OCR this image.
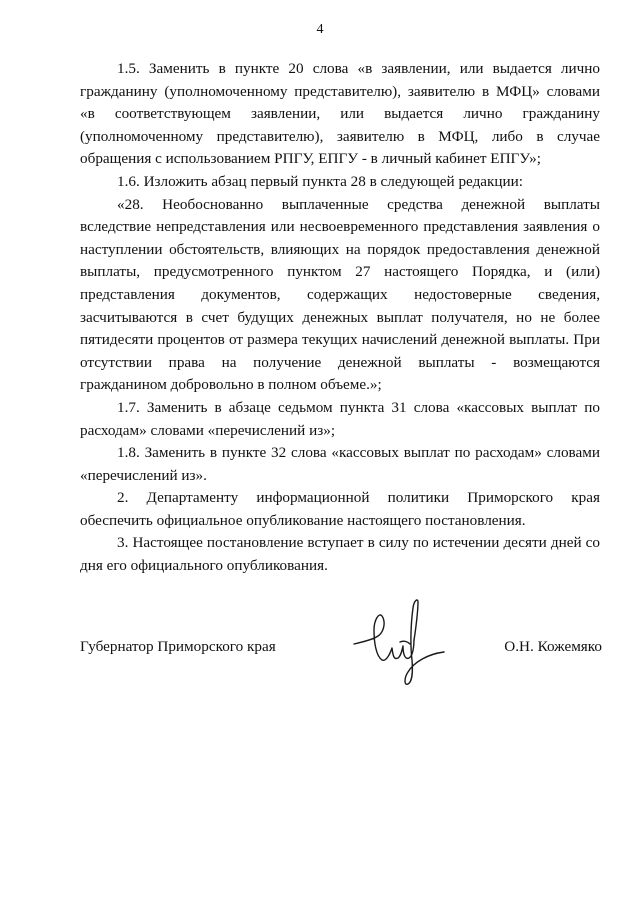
4

1.5. Заменить в пункте 20 слова «в заявлении, или выдается лично гражданину (уполномоченному представителю), заявителю в МФЦ» словами «в соответствующем заявлении, или выдается лично гражданину (уполномоченному представителю), заявителю в МФЦ, либо в случае обращения с использованием РПГУ, ЕПГУ - в личный кабинет ЕПГУ»;

1.6. Изложить абзац первый пункта 28 в следующей редакции:

«28. Необоснованно выплаченные средства денежной выплаты вследствие непредставления или несвоевременного представления заявления о наступлении обстоятельств, влияющих на порядок предоставления денежной выплаты, предусмотренного пунктом 27 настоящего Порядка, и (или) представления документов, содержащих недостоверные сведения, засчитываются в счет будущих денежных выплат получателя, но не более пятидесяти процентов от размера текущих начислений денежной выплаты. При отсутствии права на получение денежной выплаты - возмещаются гражданином добровольно в полном объеме.»;

1.7. Заменить в абзаце седьмом пункта 31 слова «кассовых выплат по расходам» словами «перечислений из»;

1.8. Заменить в пункте 32 слова «кассовых выплат по расходам» словами «перечислений из».

2. Департаменту информационной политики Приморского края обеспечить официальное опубликование настоящего постановления.

3. Настоящее постановление вступает в силу по истечении десяти дней со дня его официального опубликования.

Губернатор Приморского края	О.Н. Кожемяко
